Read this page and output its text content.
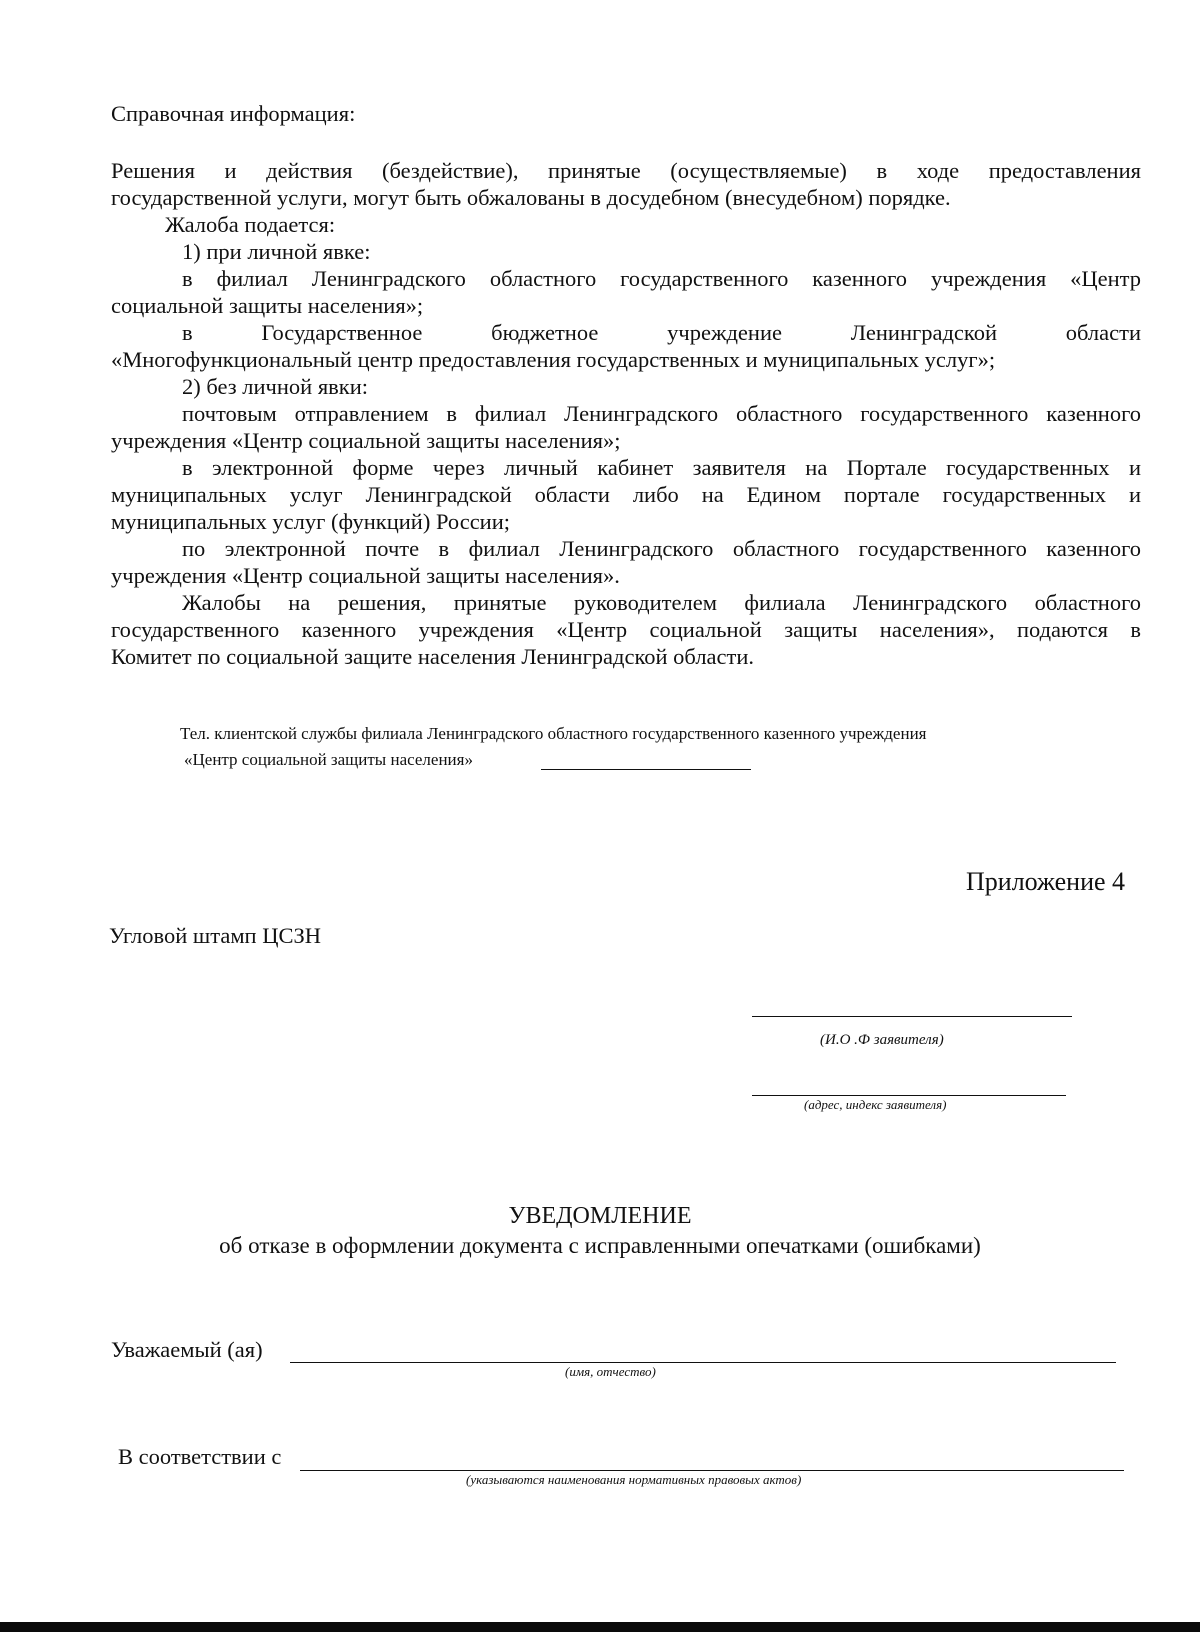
Справочная информация:
Решения и действия (бездействие), принятые (осуществляемые) в ходе предоставления
государственной услуги, могут быть обжалованы в досудебном (внесудебном) порядке.
Жалоба подается:
1) при личной явке:
в филиал Ленинградского областного государственного казенного учреждения «Центр
социальной защиты населения»;
в Государственное бюджетное учреждение Ленинградской области
«Многофункциональный центр предоставления государственных и муниципальных услуг»;
2) без личной явки:
почтовым отправлением в филиал Ленинградского областного государственного казенного
учреждения «Центр социальной защиты населения»;
в электронной форме через личный кабинет заявителя на Портале государственных и
муниципальных услуг Ленинградской области либо на Едином портале государственных и
муниципальных услуг (функций) России;
по электронной почте в филиал Ленинградского областного государственного казенного
учреждения «Центр социальной защиты населения».
Жалобы на решения, принятые руководителем филиала Ленинградского областного
государственного казенного учреждения «Центр социальной защиты населения», подаются в
Комитет по социальной защите населения Ленинградской области.
Тел. клиентской службы филиала Ленинградского областного государственного казенного учреждения
«Центр социальной защиты населения»
Приложение 4
Угловой штамп ЦСЗН
(И.О .Ф заявителя)
(адрес, индекс заявителя)
УВЕДОМЛЕНИЕ
об отказе в оформлении документа с исправленными опечатками (ошибками)
Уважаемый (ая)
(имя, отчество)
В соответствии с
(указываются наименования нормативных правовых актов)
